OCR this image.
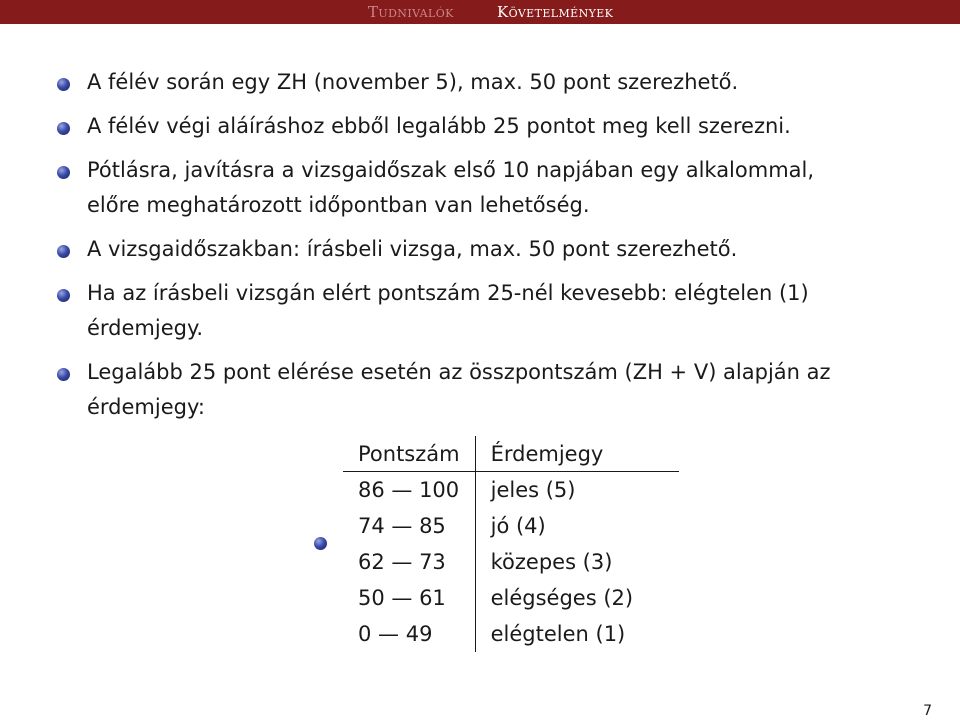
Tudnivalók	Követelmények
A félév során egy ZH (november 5), max. 50 pont szerezhető.
A félév végi aláíráshoz ebből legalább 25 pontot meg kell szerezni.
Pótlásra, javításra a vizsgaidőszak első 10 napjában egy alkalommal,
előre meghatározott időpontban van lehetőség.
A vizsgaidőszakban: írásbeli vizsga, max. 50 pont szerezhető.
Ha az írásbeli vizsgán elért pontszám 25-nél kevesebb: elégtelen (1)
érdemjegy.
Legalább 25 pont elérése esetén az összpontszám (ZH + V) alapján az
érdemjegy:
Pontszám	Érdemjegy
86 — 100	jeles (5)
74 — 85	jó (4)
62 — 73	közepes (3)
50 — 61	elégséges (2)
0 — 49	elégtelen (1)
7
